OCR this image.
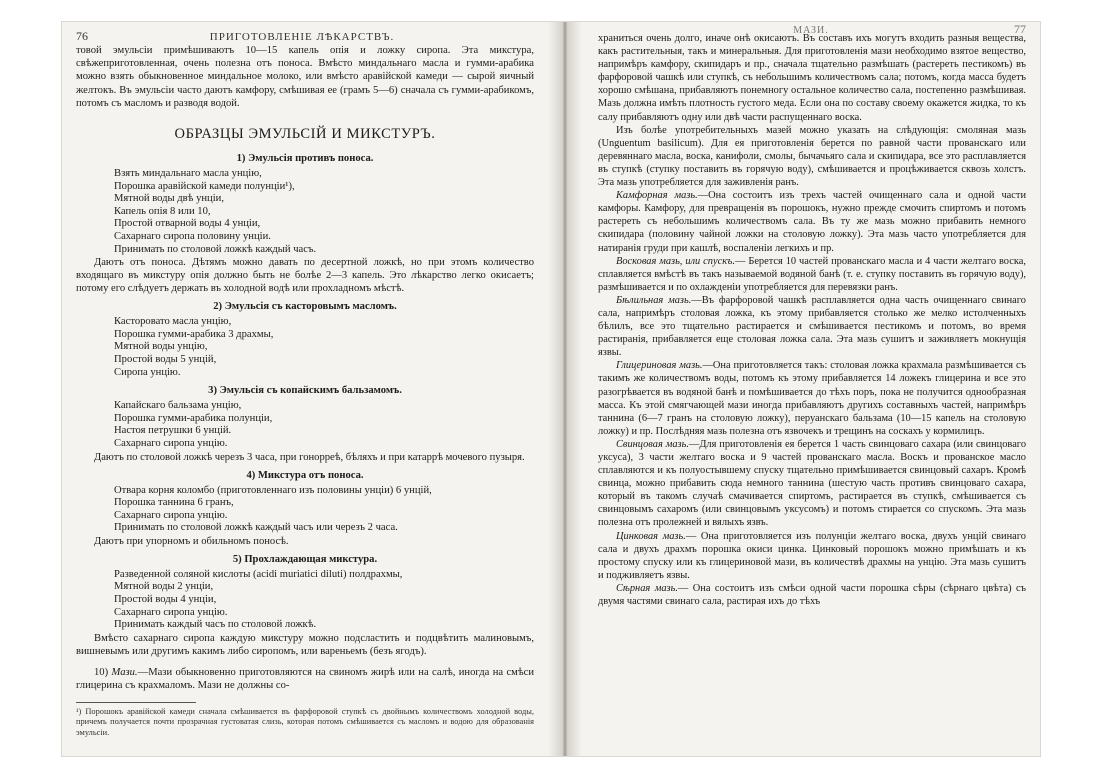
76	ПРИГОТОВЛЕНІЕ ЛѢКАРСТВЪ.

товой эмульсіи примѣшиваютъ 10—15 капель опія и ложку сиропа. Эта микстура, свѣжеприготовленная, очень полезна отъ поноса. Вмѣсто миндальнаго масла и гумми-арабика можно взять обыкновенное миндальное молоко, или вмѣсто аравійской камеди — сырой яичный желтокъ. Въ эмульсіи часто даютъ камфору, смѣшивая ее (грамъ 5—6) сначала съ гумми-арабикомъ, потомъ съ масломъ и разводя водой.

ОБРАЗЦЫ ЭМУЛЬСІЙ И МИКСТУРЪ.
1) Эмульсія противъ поноса.
Взять миндальнаго масла унцію,
Порошка аравійской камеди полунціи¹),
Мятной воды двѣ унціи,
Капель опія 8 или 10,
Простой отварной воды 4 унціи,
Сахарнаго сиропа половину унціи.
Принимать по столовой ложкѣ каждый часъ.

Даютъ отъ поноса. Дѣтямъ можно давать по десертной ложкѣ, но при этомъ количество входящаго въ микстуру опія должно быть не болѣе 2—3 капель. Это лѣкарство легко окисаетъ; потому его слѣдуетъ держать въ холодной водѣ или прохладномъ мѣстѣ.

2) Эмульсія съ касторовымъ масломъ.
Касторовато масла унцію,
Порошка гумми-арабика 3 драхмы,
Мятной воды унцію,
Простой воды 5 унцій,
Сиропа унцію.
3) Эмульсія съ копайскимъ бальзамомъ.
Капайскаго бальзама унцію,
Порошка гумми-арабика полунціи,
Настоя петрушки 6 унцій.
Сахарнаго сиропа унцію.

Даютъ по столовой ложкѣ черезъ 3 часа, при гонорреѣ, бѣляхъ и при катаррѣ мочевого пузыря.

4) Микстура отъ поноса.
Отвара корня коломбо (приготовленнаго изъ половины унціи) 6 унцій,
Порошка таннина 6 гранъ,
Сахарнаго сиропа унцію.
Принимать по столовой ложкѣ каждый часъ или черезъ 2 часа.

Даютъ при упорномъ и обильномъ поносѣ.

5) Прохлаждающая микстура.
Разведенной соляной кислоты (acidi muriatici diluti) полдрахмы,
Мятной воды 2 унціи,
Простой воды 4 унціи,
Сахарнаго сиропа унцію.
Принимать каждый часъ по столовой ложкѣ.

Вмѣсто сахарнаго сиропа каждую микстуру можно подсластить и подцвѣтить малиновымъ, вишневымъ или другимъ какимъ либо сиропомъ, или вареньемъ (безъ ягодъ).

10) Мази.—Мази обыкновенно приготовляются на свиномъ жирѣ или на салѣ, иногда на смѣси глицерина съ крахмаломъ. Мази не должны со-

¹) Порошокъ аравійской камеди сначала смѣшивается въ фарфоровой ступкѣ съ двойнымъ количествомъ холодной воды, причемъ получается почти прозрачная густоватая слизь, которая потомъ смѣшивается съ масломъ и водою для образованія эмульсіи.
МАЗИ.	77

храниться очень долго, иначе онѣ окисаютъ. Въ составъ ихъ могутъ входить разныя вещества, какъ растительныя, такъ и минеральныя. Для приготовленія мази необходимо взятое вещество, напримѣръ камфору, скипидаръ и пр., сначала тщательно размѣшать (растереть пестикомъ) въ фарфоровой чашкѣ или ступкѣ, съ небольшимъ количествомъ сала; потомъ, когда масса будетъ хорошо смѣшана, прибавляютъ понемногу остальное количество сала, постепенно размѣшивая. Мазь должна имѣть плотность густого меда. Если она по составу своему окажется жидка, то къ салу прибавляютъ одну или двѣ части распущеннаго воска.

Изъ болѣе употребительныхъ мазей можно указать на слѣдующія: смоляная мазь (Unguentum basilicum). Для ея приготовленія берется по равной части прованскаго или деревяннаго масла, воска, канифоли, смолы, бычачьяго сала и скипидара, все это расплавляется въ ступкѣ (ступку поставить въ горячую воду), смѣшивается и процѣживается сквозь холстъ. Эта мазь употребляется для заживленія ранъ.

Камфорная мазь.—Она состоитъ изъ трехъ частей очищеннаго сала и одной части камфоры. Камфору, для превращенія въ порошокъ, нужно прежде смочить спиртомъ и потомъ растереть съ небольшимъ количествомъ сала. Въ ту же мазь можно прибавить немного скипидара (половину чайной ложки на столовую ложку). Эта мазь часто употребляется для натиранія груди при кашлѣ, воспаленіи легкихъ и пр.

Восковая мазь, или спускъ.— Берется 10 частей прованскаго масла и 4 части желтаго воска, сплавляется вмѣстѣ въ такъ называемой водяной банѣ (т. е. ступку поставить въ горячую воду), размѣшивается и по охлажденіи употребляется для перевязки ранъ.

Бѣлильная мазь.—Въ фарфоровой чашкѣ расплавляется одна часть очищеннаго свинаго сала, напримѣръ столовая ложка, къ этому прибавляется столько же мелко истолченныхъ бѣлилъ, все это тщательно растирается и смѣшивается пестикомъ и потомъ, во время растиранія, прибавляется еще столовая ложка сала. Эта мазь сушитъ и заживляетъ мокнущія язвы.

Глицериновая мазь.—Она приготовляется такъ: столовая ложка крахмала размѣшивается съ такимъ же количествомъ воды, потомъ къ этому прибавляется 14 ложекъ глицерина и все это разогрѣвается въ водяной банѣ и помѣшивается до тѣхъ поръ, пока не получится однообразная масса. Къ этой смягчающей мази иногда прибавляютъ другихъ составныхъ частей, напримѣръ таннина (6—7 гранъ на столовую ложку), перуанскаго бальзама (10—15 капель на столовую ложку) и пр. Послѣдняя мазь полезна отъ язвочекъ и трещинъ на соскахъ у кормилицъ.

Свинцовая мазь.—Для приготовленія ея берется 1 часть свинцоваго сахара (или свинцоваго уксуса), 3 части желтаго воска и 9 частей прованскаго масла. Воскъ и прованское масло сплавляются и къ полуостывшему спуску тщательно примѣшивается свинцовый сахаръ. Кромѣ свинца, можно прибавить сюда немного таннина (шестую часть противъ свинцоваго сахара, который въ такомъ случаѣ смачивается спиртомъ, растирается въ ступкѣ, смѣшивается съ свинцовымъ сахаромъ (или свинцовымъ уксусомъ) и потомъ стирается со спускомъ. Эта мазь полезна отъ пролежней и вялыхъ язвъ.

Цинковая мазь.— Она приготовляется изъ полунціи желтаго воска, двухъ унцій свинаго сала и двухъ драхмъ порошка окиси цинка. Цинковый порошокъ можно примѣшать и къ простому спуску или къ глицериновой мази, въ количествѣ драхмы на унцію. Эта мазь сушитъ и подживляетъ язвы.

Сѣрная мазь.— Она состоитъ изъ смѣси одной части порошка сѣры (сѣрнаго цвѣта) съ двумя частями свинаго сала, растирая ихъ до тѣхъ
